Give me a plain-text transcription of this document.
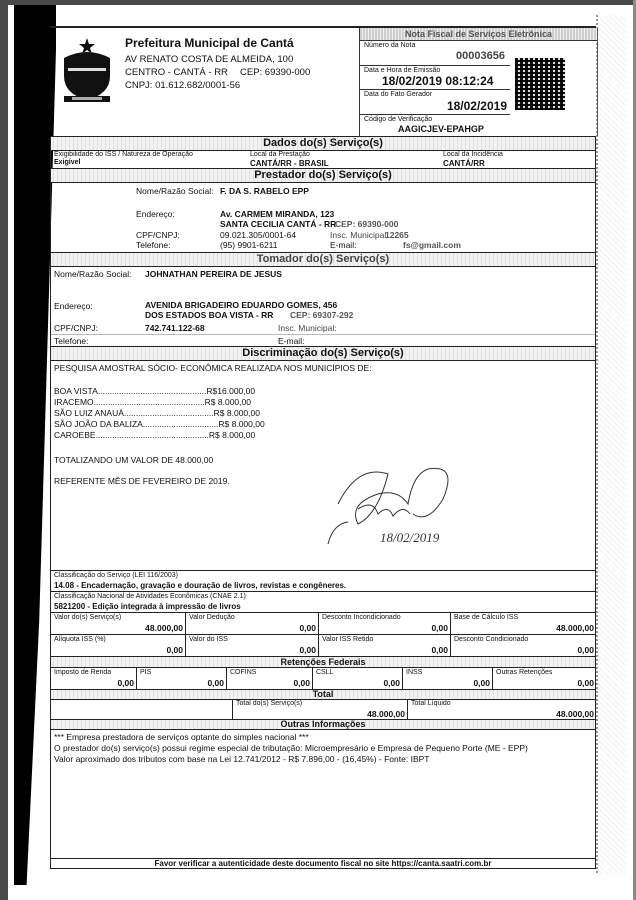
Prefeitura Municipal de Cantá
AV RENATO COSTA DE ALMEIDA, 100
CENTRO - CANTÁ - RR CEP: 69390-000
CNPJ: 01.612.682/0001-56
Nota Fiscal de Serviços Eletrônica
Número da Nota
00003656
Data e Hora de Emissão
18/02/2019 08:12:24
Data do Fato Gerador
18/02/2019
Código de Verificação
AAGICJEV-EPAHGP
Dados do(s) Serviço(s)
Exigibilidade do ISS / Natureza de Operação
Exigível
Local da Prestação
CANTÁ/RR - BRASIL
Local da Incidência
CANTÁ/RR
Prestador do(s) Serviço(s)
Nome/Razão Social: F. DA S. RABELO EPP
Endereço:	Av. CARMEM MIRANDA, 123
SANTA CECILIA CANTÁ - RR
CEP: 69390-000
CPF/CNPJ:	09.021.305/0001-64	Insc. Municipal:
12265
Telefone:	(95) 9901-6211	E-mail:	fs@gmail.com
Tomador do(s) Serviço(s)
Nome/Razão Social: JOHNATHAN PEREIRA DE JESUS
Endereço:	AVENIDA BRIGADEIRO EDUARDO GOMES, 456
DOS ESTADOS BOA VISTA - RR CEP: 69307-292
CPF/CNPJ:	742.741.122-68	Insc. Municipal:
Telefone:	E-mail:
Discriminação do(s) Serviço(s)
PESQUISA AMOSTRAL SÓCIO- ECONÔMICA REALIZADA NOS MUNICÍPIOS DE:
BOA VISTA..............................................R$16.000,00
IRACEMO...............................................R$ 8.000,00
SÃO LUIZ ANAUÁ......................................R$ 8.000,00
SÃO JOÃO DA BALIZA................................R$ 8.000,00
CAROEBE................................................R$ 8.000,00
TOTALIZANDO UM VALOR DE 48.000,00
REFERENTE MÊS DE FEVEREIRO DE 2019.
18/02/2019
Classificação do Serviço (LEI 116/2003)
14.08 - Encadernação, gravação e douração de livros, revistas e congêneres.
Classificação Nacional de Atividades Econômicas (CNAE 2.1)
5821200 - Edição integrada à impressão de livros
Valor do(s) Serviço(s)
48.000,00
Valor Dedução
0,00
Desconto Incondicionado
0,00
Base de Cálculo ISS
48.000,00
Alíquota ISS (%)
0,00
Valor do ISS
0,00
Valor ISS Retido
0,00
Desconto Condicionado
0,00
Retenções Federais
Imposto de Renda
0,00
PIS
0,00
COFINS
0,00
CSLL
0,00
INSS
0,00
Outras Retenções
0,00
Total
Total do(s) Serviço(s)
48.000,00
Total Líquido
48.000,00
Outras Informações
*** Empresa prestadora de serviços optante do simples nacional ***
O prestador do(s) serviço(s) possui regime especial de tributação: Microempresário e Empresa de Pequeno Porte (ME - EPP)
Valor aproximado dos tributos com base na Lei 12.741/2012 - R$ 7.896,00 - (16,45%) - Fonte: IBPT
Favor verificar a autenticidade deste documento fiscal no site https://canta.saatri.com.br
